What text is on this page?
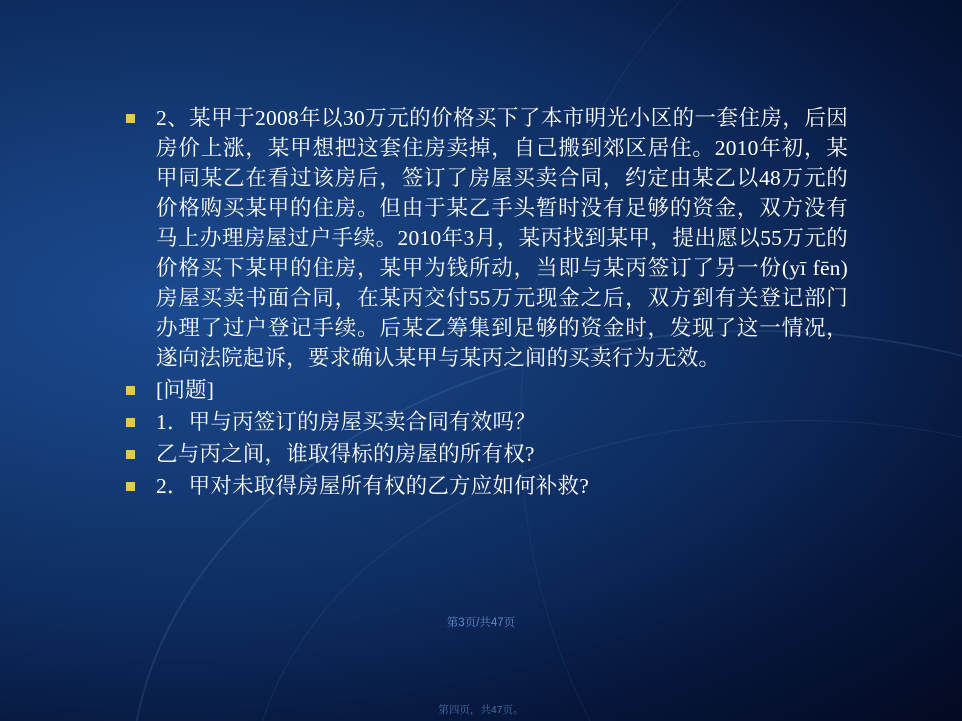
2、某甲于2008年以30万元的价格买下了本市明光小区的一套住房，后因房价上涨，某甲想把这套住房卖掉，自己搬到郊区居住。2010年初，某甲同某乙在看过该房后，签订了房屋买卖合同，约定由某乙以48万元的价格购买某甲的住房。但由于某乙手头暂时没有足够的资金，双方没有马上办理房屋过户手续。2010年3月，某丙找到某甲，提出愿以55万元的价格买下某甲的住房，某甲为钱所动，当即与某丙签订了另一份(yī fēn)房屋买卖书面合同，在某丙交付55万元现金之后，双方到有关登记部门办理了过户登记手续。后某乙筹集到足够的资金时，发现了这一情况，遂向法院起诉，要求确认某甲与某丙之间的买卖行为无效。
[问题]
1．甲与丙签订的房屋买卖合同有效吗？
乙与丙之间，谁取得标的房屋的所有权?
2．甲对未取得房屋所有权的乙方应如何补救?
第3页/共47页
第四页，共47页。
